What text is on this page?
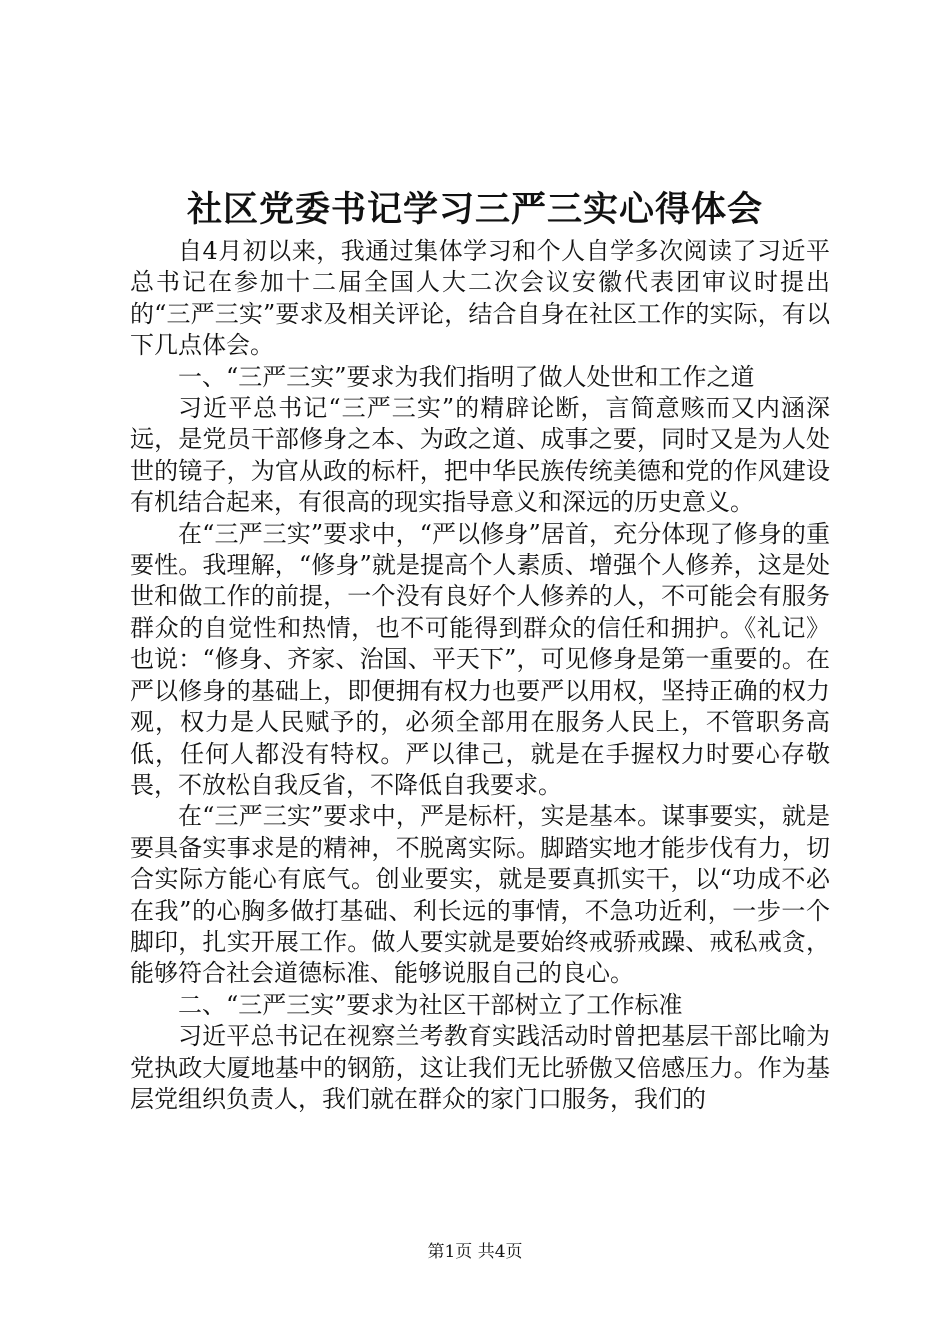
社区党委书记学习三严三实心得体会

自4月初以来，我通过集体学习和个人自学多次阅读了习近平总书记在参加十二届全国人大二次会议安徽代表团审议时提出的“三严三实”要求及相关评论，结合自身在社区工作的实际，有以下几点体会。

一、“三严三实”要求为我们指明了做人处世和工作之道

习近平总书记“三严三实”的精辟论断，言简意赅而又内涵深远，是党员干部修身之本、为政之道、成事之要，同时又是为人处世的镜子，为官从政的标杆，把中华民族传统美德和党的作风建设有机结合起来，有很高的现实指导意义和深远的历史意义。

在“三严三实”要求中，“严以修身”居首，充分体现了修身的重要性。我理解，“修身”就是提高个人素质、增强个人修养，这是处世和做工作的前提，一个没有良好个人修养的人，不可能会有服务群众的自觉性和热情，也不可能得到群众的信任和拥护。《礼记》也说：“修身、齐家、治国、平天下”，可见修身是第一重要的。在严以修身的基础上，即便拥有权力也要严以用权，坚持正确的权力观，权力是人民赋予的，必须全部用在服务人民上，不管职务高低，任何人都没有特权。严以律己，就是在手握权力时要心存敬畏，不放松自我反省，不降低自我要求。

在“三严三实”要求中，严是标杆，实是基本。谋事要实，就是要具备实事求是的精神，不脱离实际。脚踏实地才能步伐有力，切合实际方能心有底气。创业要实，就是要真抓实干，以“功成不必在我”的心胸多做打基础、利长远的事情，不急功近利，一步一个脚印，扎实开展工作。做人要实就是要始终戒骄戒躁、戒私戒贪，能够符合社会道德标准、能够说服自己的良心。

二、“三严三实”要求为社区干部树立了工作标准

习近平总书记在视察兰考教育实践活动时曾把基层干部比喻为党执政大厦地基中的钢筋，这让我们无比骄傲又倍感压力。作为基层党组织负责人，我们就在群众的家门口服务，我们的

第1页 共4页
